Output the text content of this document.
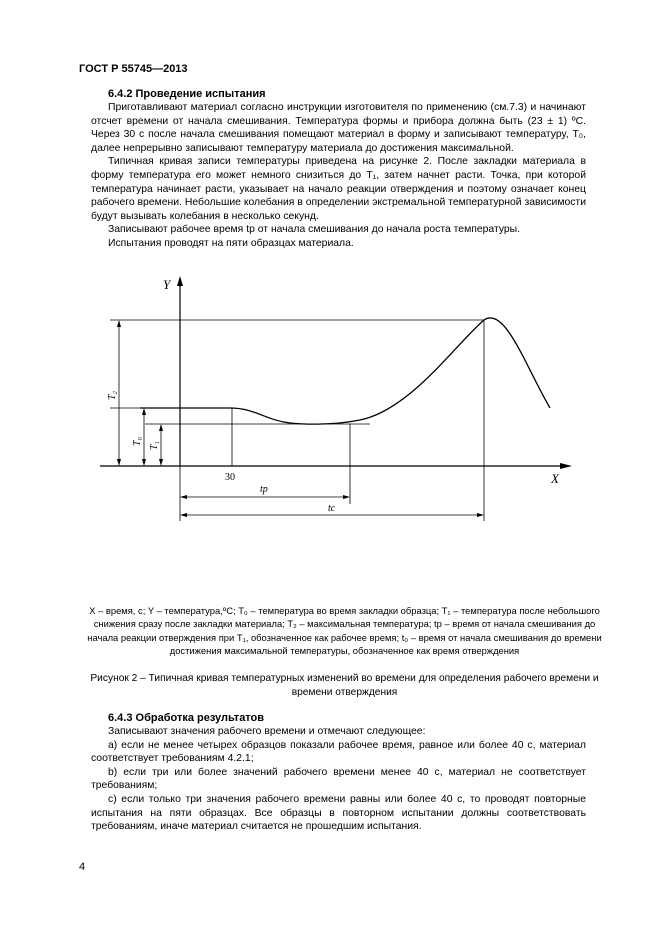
ГОСТ Р 55745—2013
6.4.2 Проведение испытания

Приготавливают материал согласно инструкции изготовителя по применению (см.7.3) и начинают отсчет времени от начала смешивания. Температура формы и прибора должна быть (23 ± 1) ºС. Через 30 с после начала смешивания помещают материал в форму и записывают температуру, T₀, далее непрерывно записывают температуру материала до достижения максимальной.

Типичная кривая записи температуры приведена на рисунке 2. После закладки материала в форму температура его может немного снизиться до T₁, затем начнет расти. Точка, при которой температура начинает расти, указывает на начало реакции отверждения и поэтому означает конец рабочего времени. Небольшие колебания в определении экстремальной температурной зависимости будут вызывать колебания в несколько секунд.

Записывают рабочее время tр от начала смешивания до начала роста температуры.

Испытания проводят на пяти образцах материала.

Y
X
T₂
T₀ T₁
30
tр
tс
X – время, с; Y – температура,ºС; T₀ – температура во время закладки образца; T₁ – температура после небольшого снижения сразу после закладки материала; T₂ – максимальная температура; tр – время от начала смешивания до начала реакции отверждения при T₁, обозначенное как рабочее время; t₀ – время от начала смешивания до времени достижения максимальной температуры, обозначенное как время отверждения
Рисунок 2 – Типичная кривая температурных изменений во времени для определения рабочего времени и времени отверждения
6.4.3 Обработка результатов

Записывают значения рабочего времени и отмечают следующее:

а) если не менее четырех образцов показали рабочее время, равное или более 40 с, материал соответствует требованиям 4.2.1;

b) если три или более значений рабочего времени менее 40 с, материал не соответствует требованиям;

c) если только три значения рабочего времени равны или более 40 с, то проводят повторные испытания на пяти образцах. Все образцы в повторном испытании должны соответствовать требованиям, иначе материал считается не прошедшим испытания.

4
